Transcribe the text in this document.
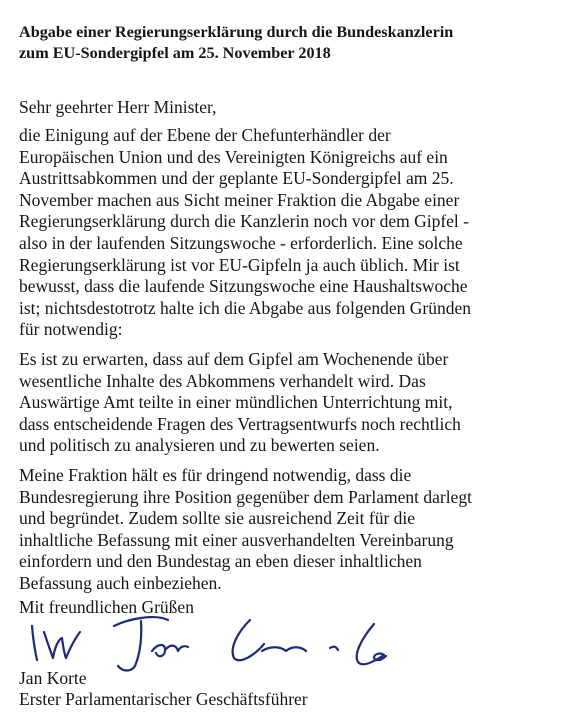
Abgabe einer Regierungserklärung durch die Bundeskanzlerin
zum EU-Sondergipfel am 25. November 2018
Sehr geehrter Herr Minister,
die Einigung auf der Ebene der Chefunterhändler der
Europäischen Union und des Vereinigten Königreichs auf ein
Austrittsabkommen und der geplante EU-Sondergipfel am 25.
November machen aus Sicht meiner Fraktion die Abgabe einer
Regierungserklärung durch die Kanzlerin noch vor dem Gipfel -
also in der laufenden Sitzungswoche - erforderlich. Eine solche
Regierungserklärung ist vor EU-Gipfeln ja auch üblich. Mir ist
bewusst, dass die laufende Sitzungswoche eine Haushaltswoche
ist; nichtsdestotrotz halte ich die Abgabe aus folgenden Gründen
für notwendig:
Es ist zu erwarten, dass auf dem Gipfel am Wochenende über
wesentliche Inhalte des Abkommens verhandelt wird. Das
Auswärtige Amt teilte in einer mündlichen Unterrichtung mit,
dass entscheidende Fragen des Vertragsentwurfs noch rechtlich
und politisch zu analysieren und zu bewerten seien.
Meine Fraktion hält es für dringend notwendig, dass die
Bundesregierung ihre Position gegenüber dem Parlament darlegt
und begründet. Zudem sollte sie ausreichend Zeit für die
inhaltliche Befassung mit einer ausverhandelten Vereinbarung
einfordern und den Bundestag an eben dieser inhaltlichen
Befassung auch einbeziehen.
Mit freundlichen Grüßen
Jan Korte
Erster Parlamentarischer Geschäftsführer
